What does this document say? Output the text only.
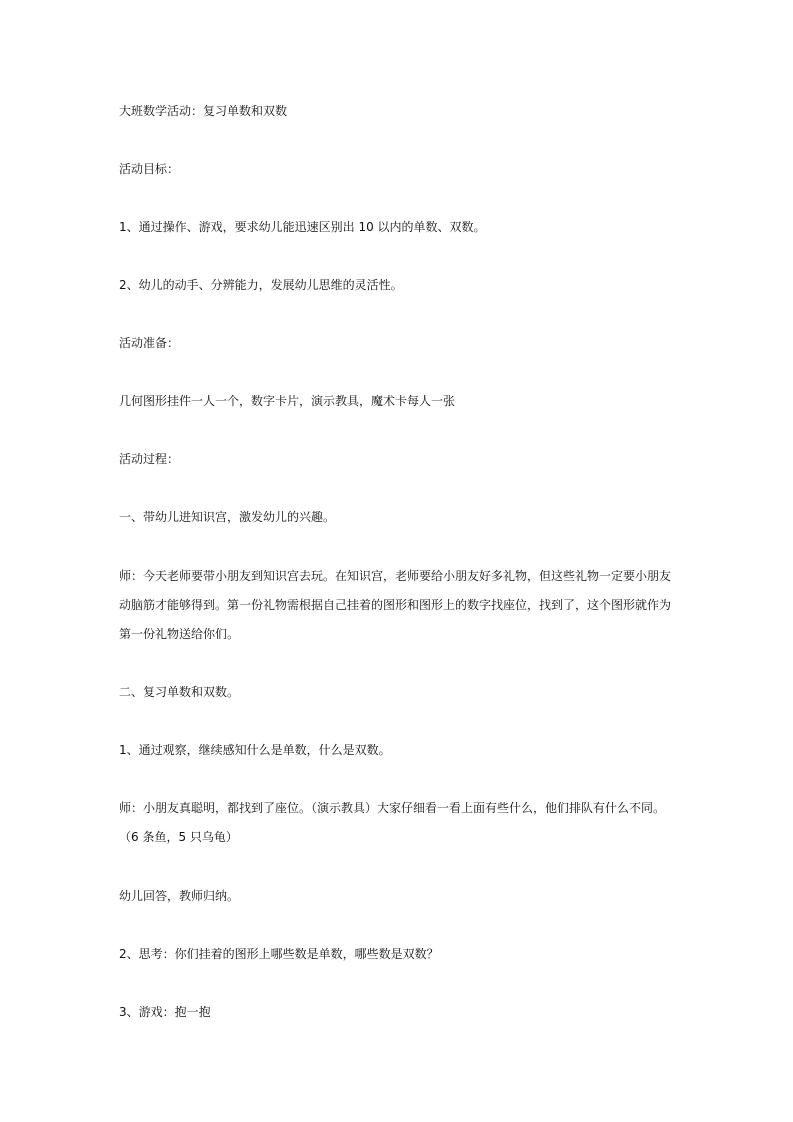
大班数学活动：复习单数和双数

活动目标：

1、通过操作、游戏，要求幼儿能迅速区别出 10 以内的单数、双数。

2、幼儿的动手、分辨能力，发展幼儿思维的灵活性。

活动准备：

几何图形挂件一人一个，数字卡片，演示教具，魔术卡每人一张

活动过程：

一、带幼儿进知识宫，激发幼儿的兴趣。

师：今天老师要带小朋友到知识宫去玩。在知识宫，老师要给小朋友好多礼物，但这些礼物一定要小朋友

动脑筋才能够得到。第一份礼物需根据自己挂着的图形和图形上的数字找座位，找到了，这个图形就作为

第一份礼物送给你们。

二、复习单数和双数。

1、通过观察，继续感知什么是单数，什么是双数。

师：小朋友真聪明，都找到了座位。（演示教具）大家仔细看一看上面有些什么，他们排队有什么不同。

（6 条鱼，5 只乌龟）

幼儿回答，教师归纳。

2、思考：你们挂着的图形上哪些数是单数，哪些数是双数？

3、游戏：抱一抱
